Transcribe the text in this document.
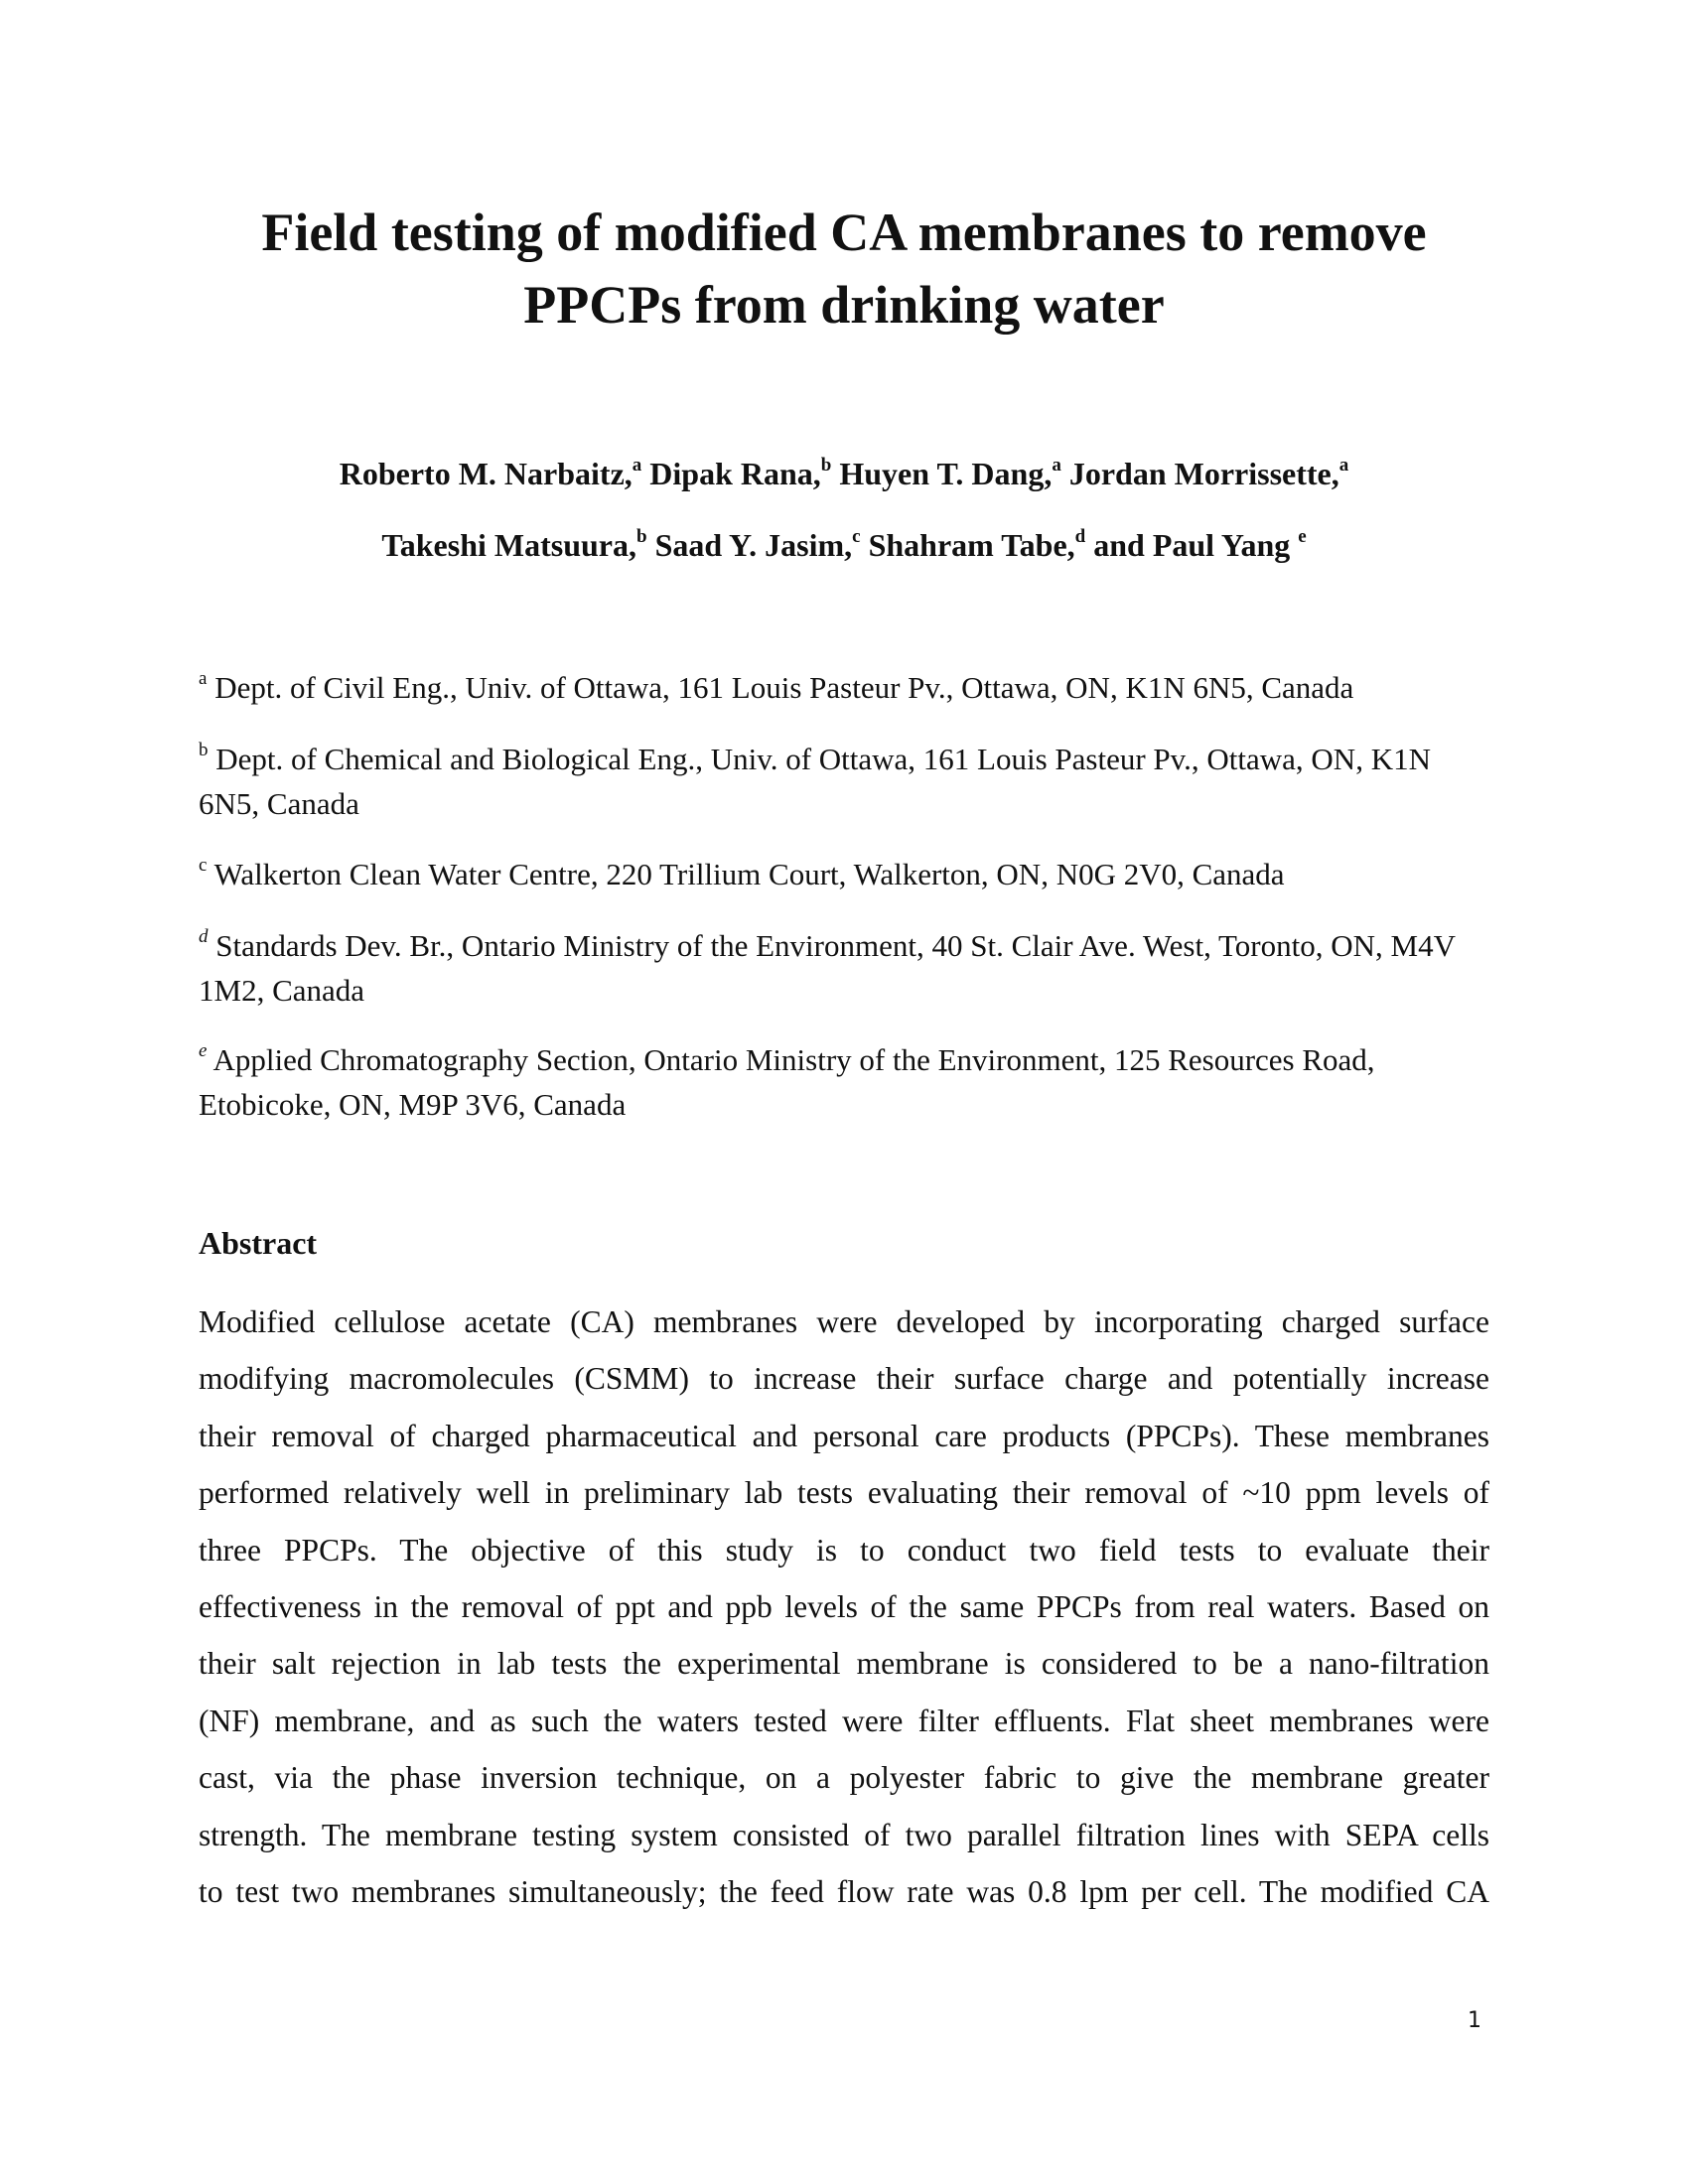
Field testing of modified CA membranes to remove PPCPs from drinking water
Roberto M. Narbaitz,$^a$ Dipak Rana,$^b$ Huyen T. Dang,$^a$ Jordan Morrissette,$^a$
Takeshi Matsuura,$^b$ Saad Y. Jasim,$^c$ Shahram Tabe,$^d$ and Paul Yang $^e$

$^a$ Dept. of Civil Eng., Univ. of Ottawa, 161 Louis Pasteur Pv., Ottawa, ON, K1N 6N5, Canada

$^b$ Dept. of Chemical and Biological Eng., Univ. of Ottawa, 161 Louis Pasteur Pv., Ottawa, ON, K1N 6N5, Canada

$^c$ Walkerton Clean Water Centre, 220 Trillium Court, Walkerton, ON, N0G 2V0, Canada

$^d$ Standards Dev. Br., Ontario Ministry of the Environment, 40 St. Clair Ave. West, Toronto, ON, M4V 1M2, Canada

$^e$ Applied Chromatography Section, Ontario Ministry of the Environment, 125 Resources Road, Etobicoke, ON, M9P 3V6, Canada

Abstract

Modified cellulose acetate (CA) membranes were developed by incorporating charged surface
modifying macromolecules (CSMM) to increase their surface charge and potentially increase
their removal of charged pharmaceutical and personal care products (PPCPs). These membranes
performed relatively well in preliminary lab tests evaluating their removal of ~10 ppm levels of
three PPCPs. The objective of this study is to conduct two field tests to evaluate their
effectiveness in the removal of ppt and ppb levels of the same PPCPs from real waters. Based on
their salt rejection in lab tests the experimental membrane is considered to be a nano-filtration
(NF) membrane, and as such the waters tested were filter effluents. Flat sheet membranes were
cast, via the phase inversion technique, on a polyester fabric to give the membrane greater
strength. The membrane testing system consisted of two parallel filtration lines with SEPA cells
to test two membranes simultaneously; the feed flow rate was 0.8 lpm per cell. The modified CA

1
